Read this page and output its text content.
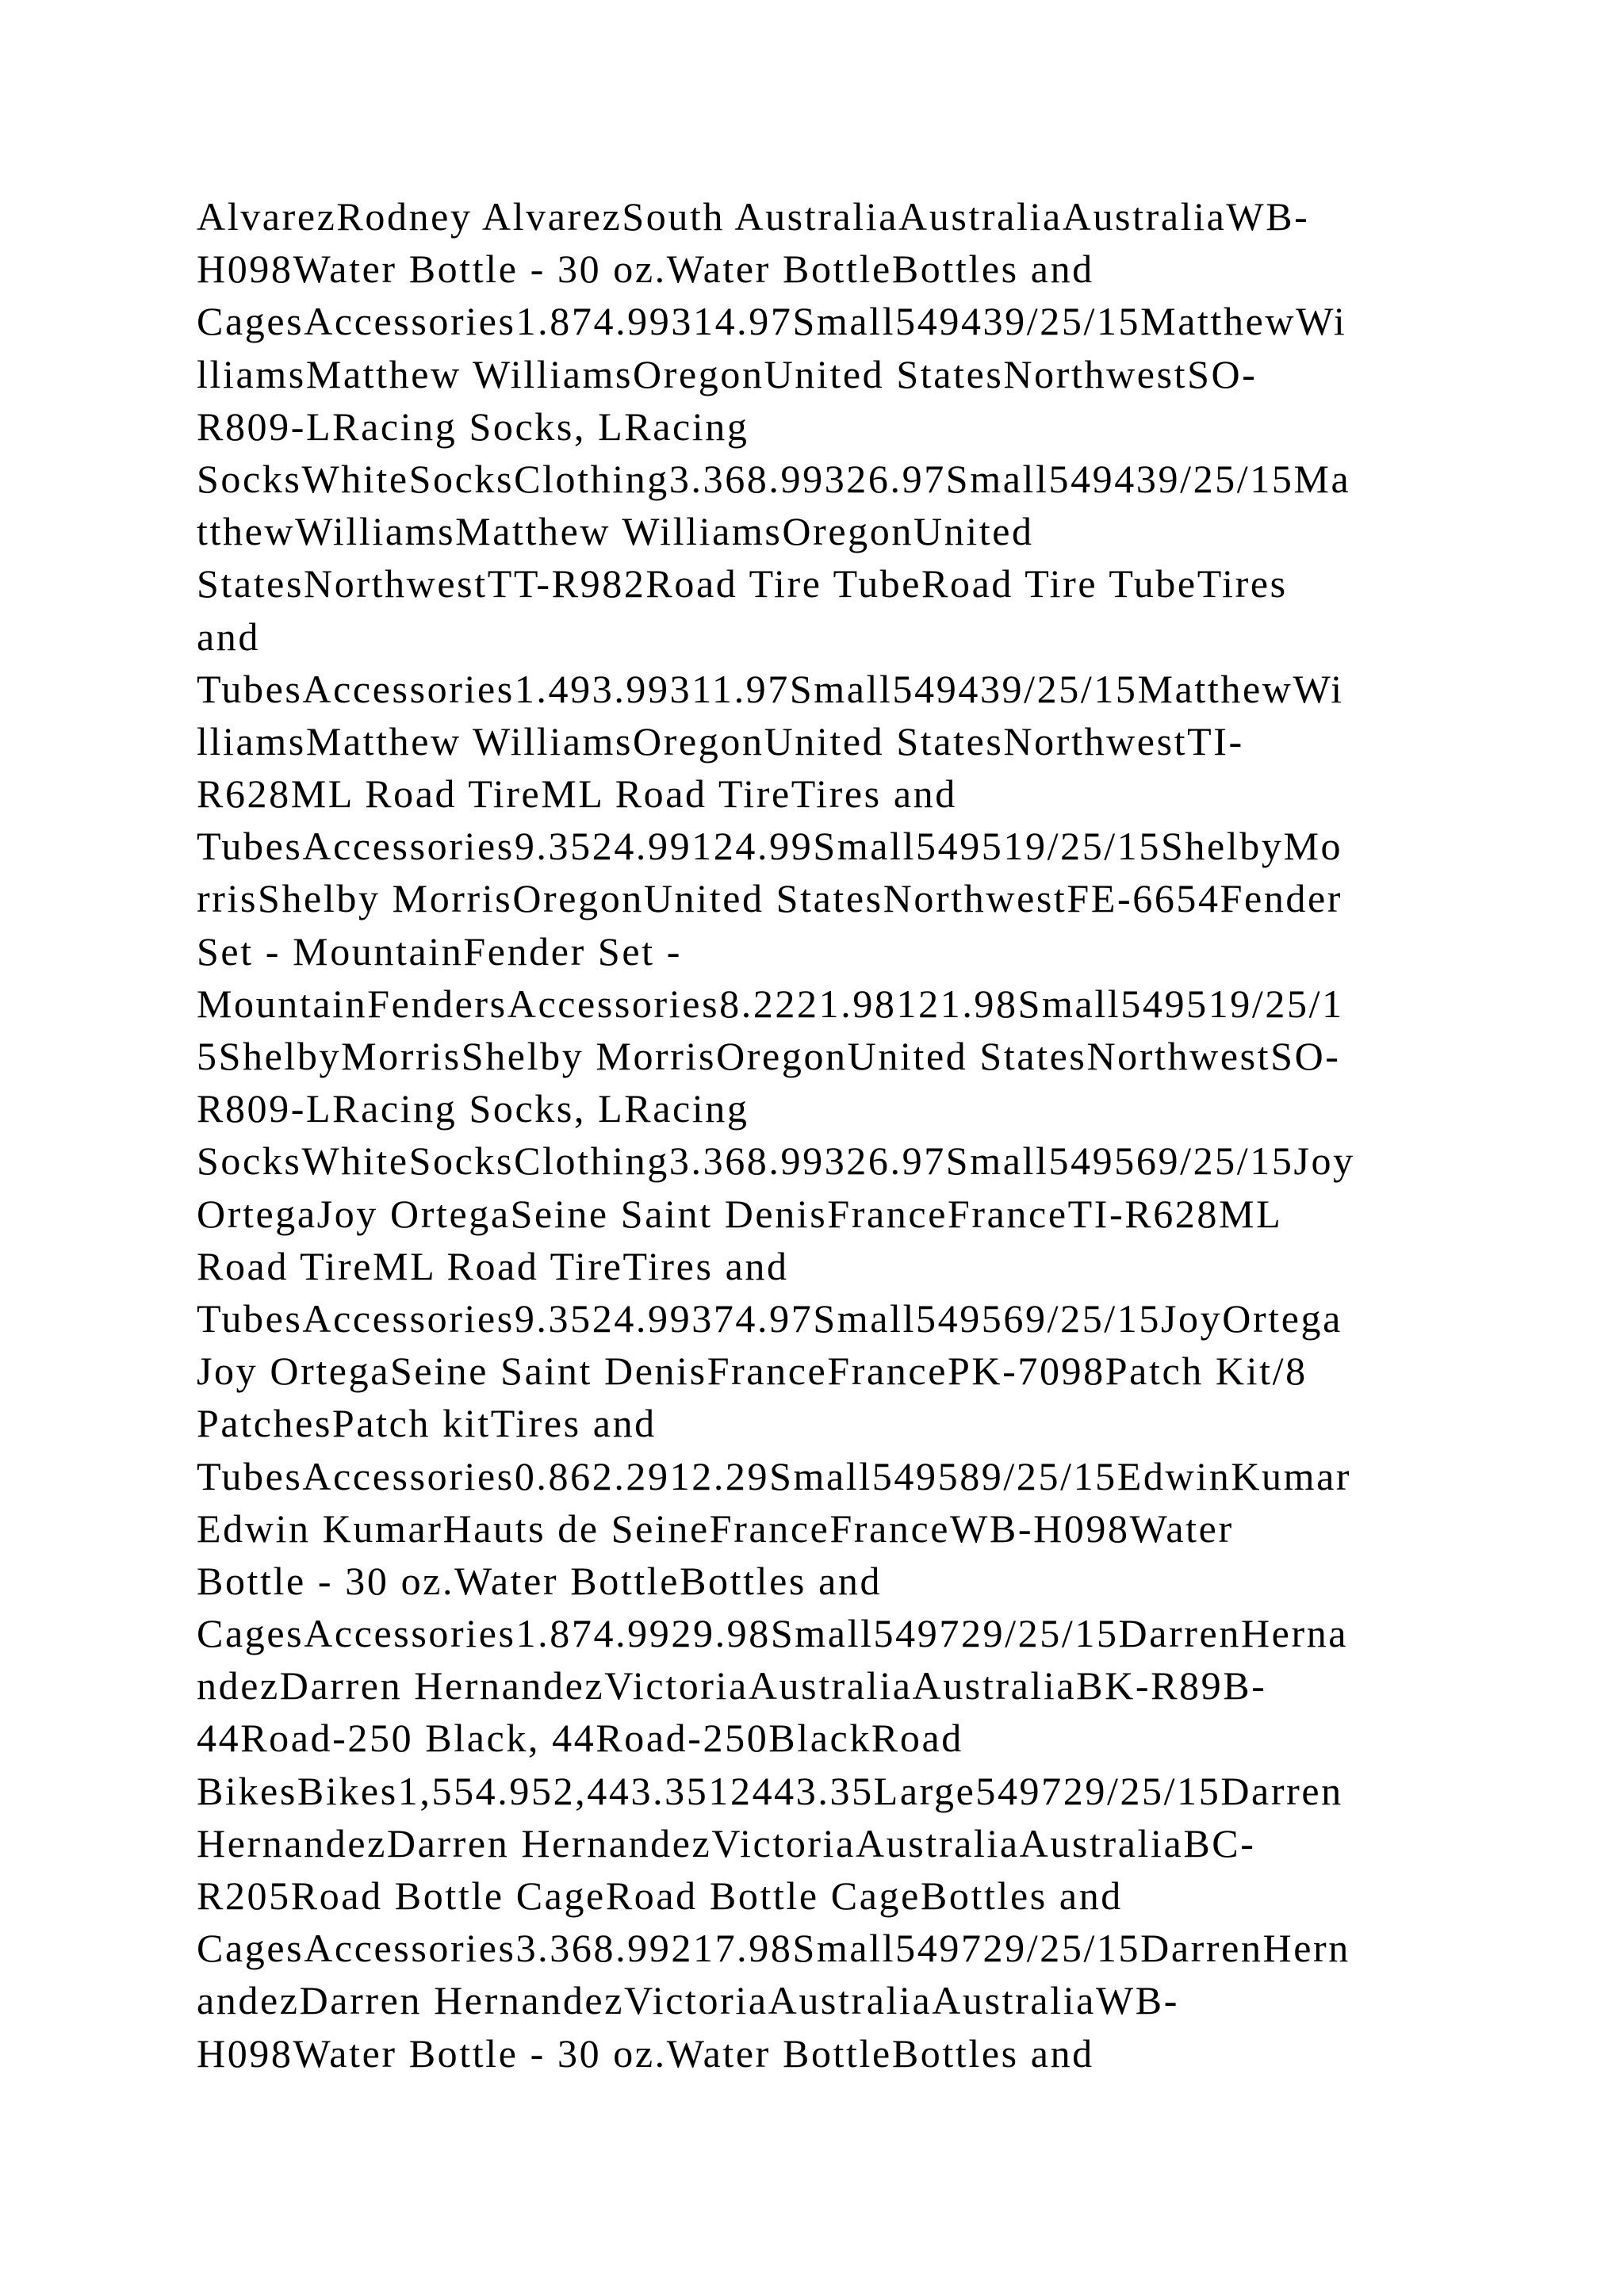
AlvarezRodney AlvarezSouth AustraliaAustraliaAustraliaWB-
H098Water Bottle - 30 oz.Water BottleBottles and
CagesAccessories1.874.99314.97Small549439/25/15MatthewWi
lliamsMatthew WilliamsOregonUnited StatesNorthwestSO-
R809-LRacing Socks, LRacing
SocksWhiteSocksClothing3.368.99326.97Small549439/25/15Ma
tthewWilliamsMatthew WilliamsOregonUnited
StatesNorthwestTT-R982Road Tire TubeRoad Tire TubeTires
and
TubesAccessories1.493.99311.97Small549439/25/15MatthewWi
lliamsMatthew WilliamsOregonUnited StatesNorthwestTI-
R628ML Road TireML Road TireTires and
TubesAccessories9.3524.99124.99Small549519/25/15ShelbyMo
rrisShelby MorrisOregonUnited StatesNorthwestFE-6654Fender
Set - MountainFender Set -
MountainFendersAccessories8.2221.98121.98Small549519/25/1
5ShelbyMorrisShelby MorrisOregonUnited StatesNorthwestSO-
R809-LRacing Socks, LRacing
SocksWhiteSocksClothing3.368.99326.97Small549569/25/15Joy
OrtegaJoy OrtegaSeine Saint DenisFranceFranceTI-R628ML
Road TireML Road TireTires and
TubesAccessories9.3524.99374.97Small549569/25/15JoyOrtega
Joy OrtegaSeine Saint DenisFranceFrancePK-7098Patch Kit/8
PatchesPatch kitTires and
TubesAccessories0.862.2912.29Small549589/25/15EdwinKumar
Edwin KumarHauts de SeineFranceFranceWB-H098Water
Bottle - 30 oz.Water BottleBottles and
CagesAccessories1.874.9929.98Small549729/25/15DarrenHerna
ndezDarren HernandezVictoriaAustraliaAustraliaBK-R89B-
44Road-250 Black, 44Road-250BlackRoad
BikesBikes1,554.952,443.3512443.35Large549729/25/15Darren
HernandezDarren HernandezVictoriaAustraliaAustraliaBC-
R205Road Bottle CageRoad Bottle CageBottles and
CagesAccessories3.368.99217.98Small549729/25/15DarrenHern
andezDarren HernandezVictoriaAustraliaAustraliaWB-
H098Water Bottle - 30 oz.Water BottleBottles and
